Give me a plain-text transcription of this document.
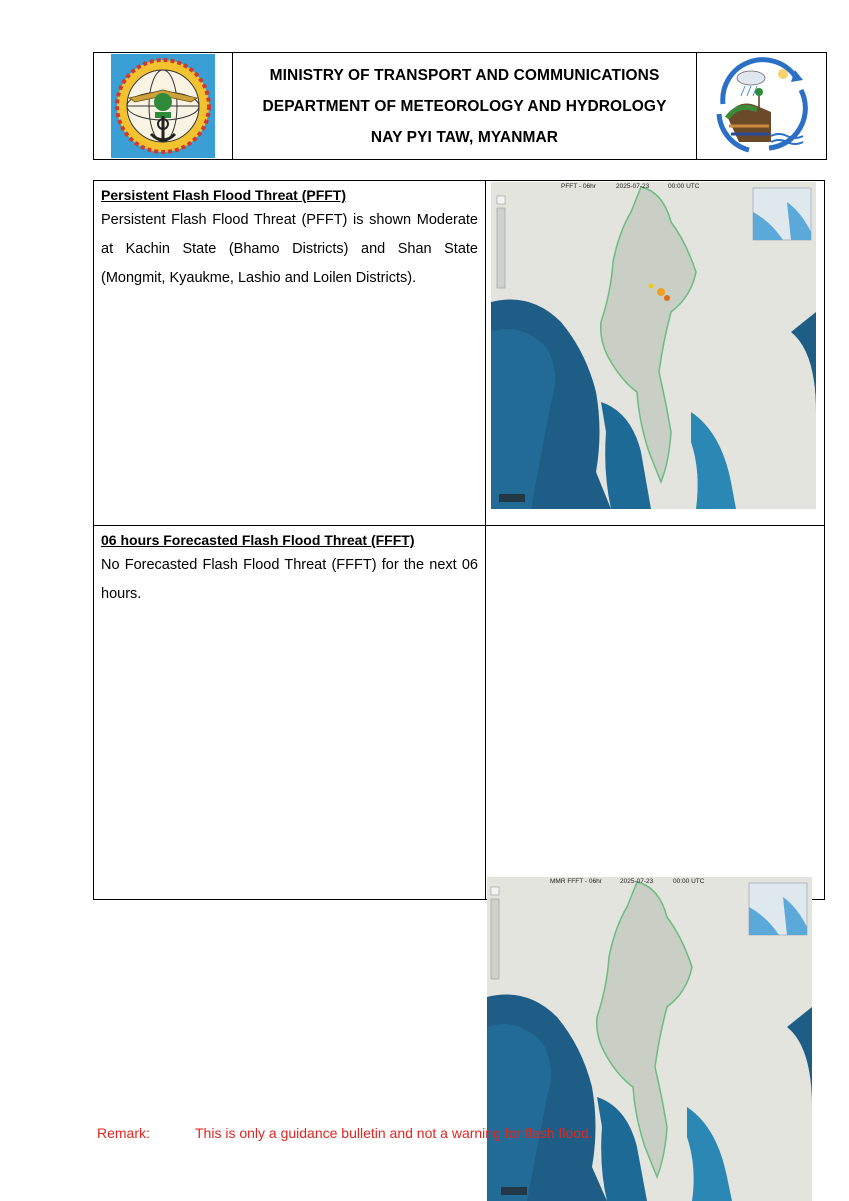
MINISTRY OF TRANSPORT AND COMMUNICATIONS
DEPARTMENT OF METEOROLOGY AND HYDROLOGY
NAY PYI TAW, MYANMAR
Persistent Flash Flood Threat (PFFT)
Persistent Flash Flood Threat (PFFT) is shown Moderate at Kachin State (Bhamo Districts) and Shan State (Mongmit, Kyaukme, Lashio and Loilen Districts).
PFFT - 06hr	2025-07-23	00:00 UTC
06 hours Forecasted Flash Flood Threat (FFFT)
No Forecasted Flash Flood Threat (FFFT) for the next 06 hours.
MMR FFFT - 06hr	2025-07-23	00:00 UTC
Remark:	This is only a guidance bulletin and not a warning for flash flood.
